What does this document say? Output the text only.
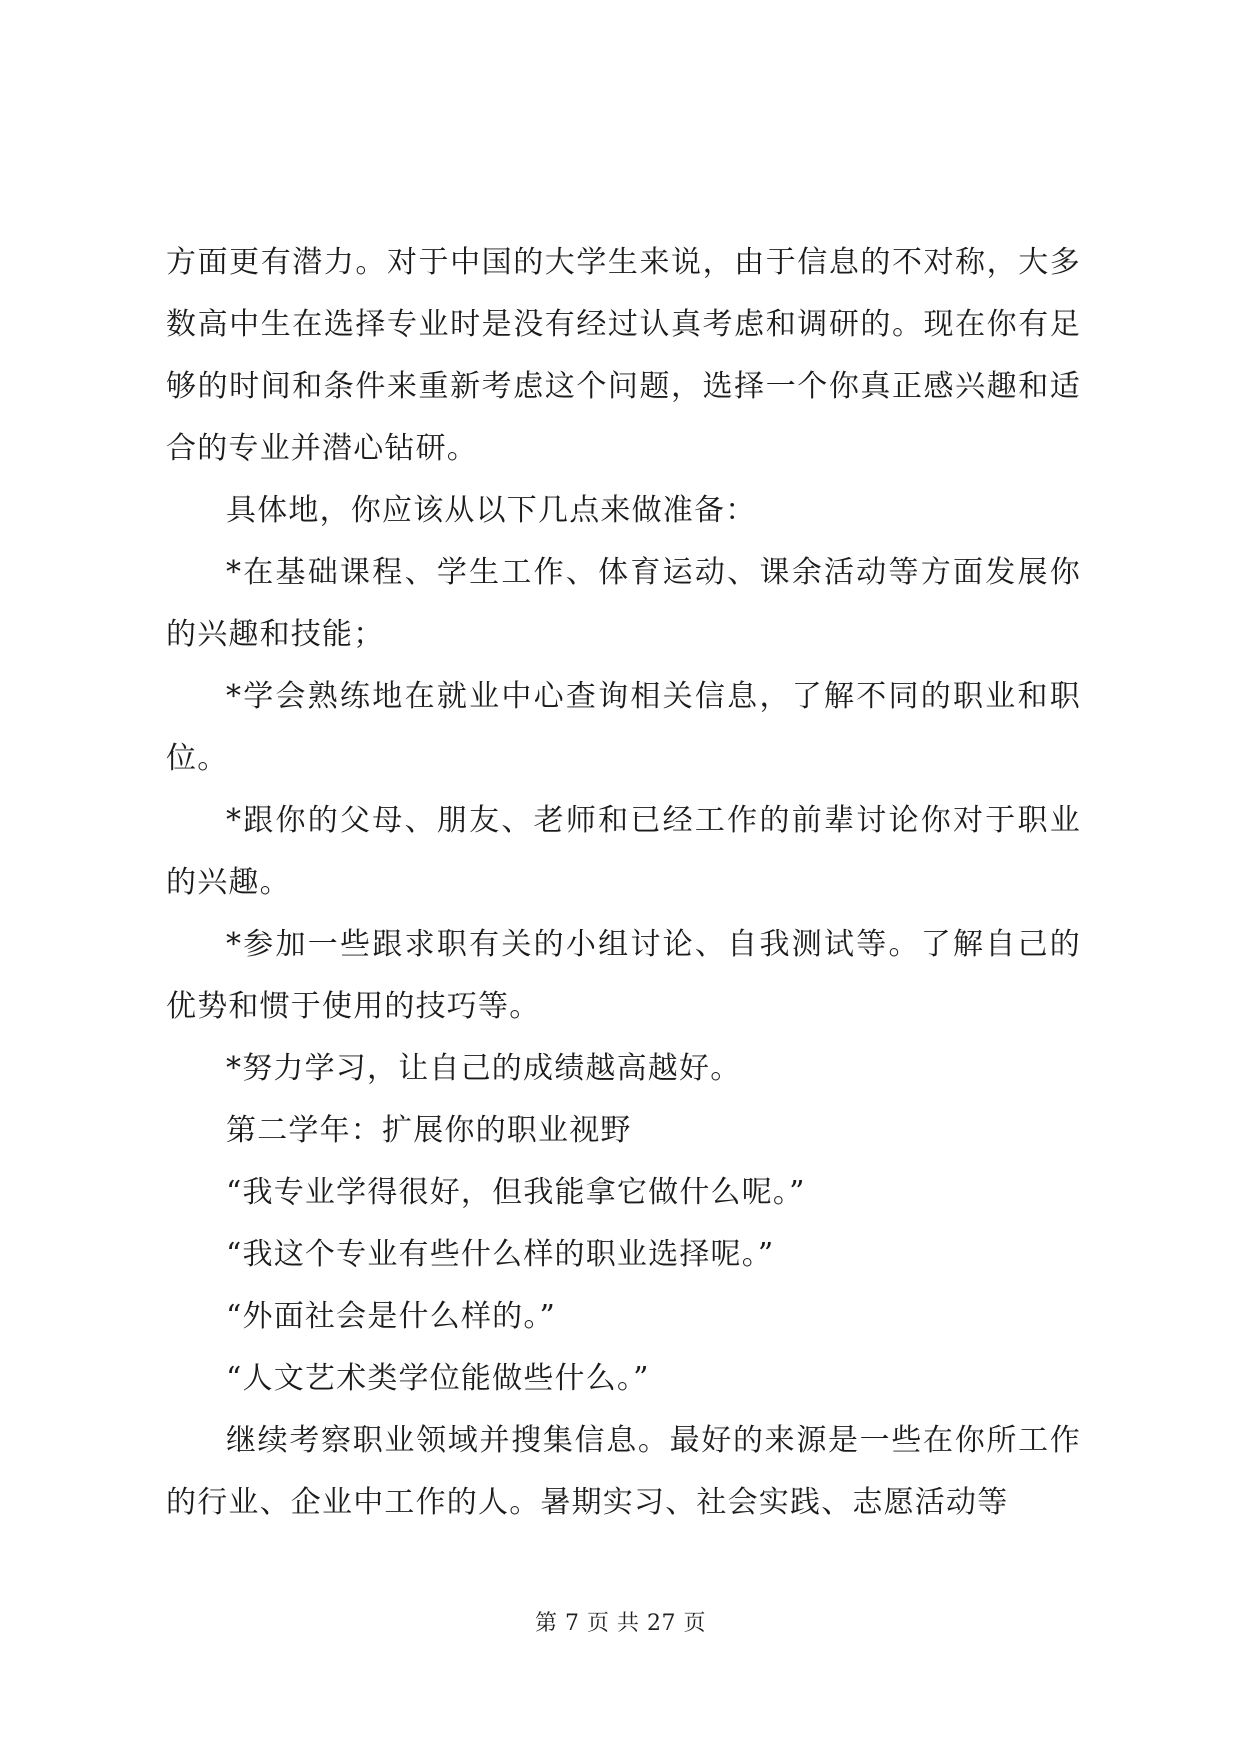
方面更有潜力。对于中国的大学生来说，由于信息的不对称，大多数高中生在选择专业时是没有经过认真考虑和调研的。现在你有足够的时间和条件来重新考虑这个问题，选择一个你真正感兴趣和适合的专业并潜心钻研。

具体地，你应该从以下几点来做准备：

*在基础课程、学生工作、体育运动、课余活动等方面发展你的兴趣和技能；

*学会熟练地在就业中心查询相关信息，了解不同的职业和职位。

*跟你的父母、朋友、老师和已经工作的前辈讨论你对于职业的兴趣。

*参加一些跟求职有关的小组讨论、自我测试等。了解自己的优势和惯于使用的技巧等。

*努力学习，让自己的成绩越高越好。

第二学年：扩展你的职业视野

“我专业学得很好，但我能拿它做什么呢。”

“我这个专业有些什么样的职业选择呢。”

“外面社会是什么样的。”

“人文艺术类学位能做些什么。”

继续考察职业领域并搜集信息。最好的来源是一些在你所工作的行业、企业中工作的人。暑期实习、社会实践、志愿活动等

第 7 页 共 27 页
